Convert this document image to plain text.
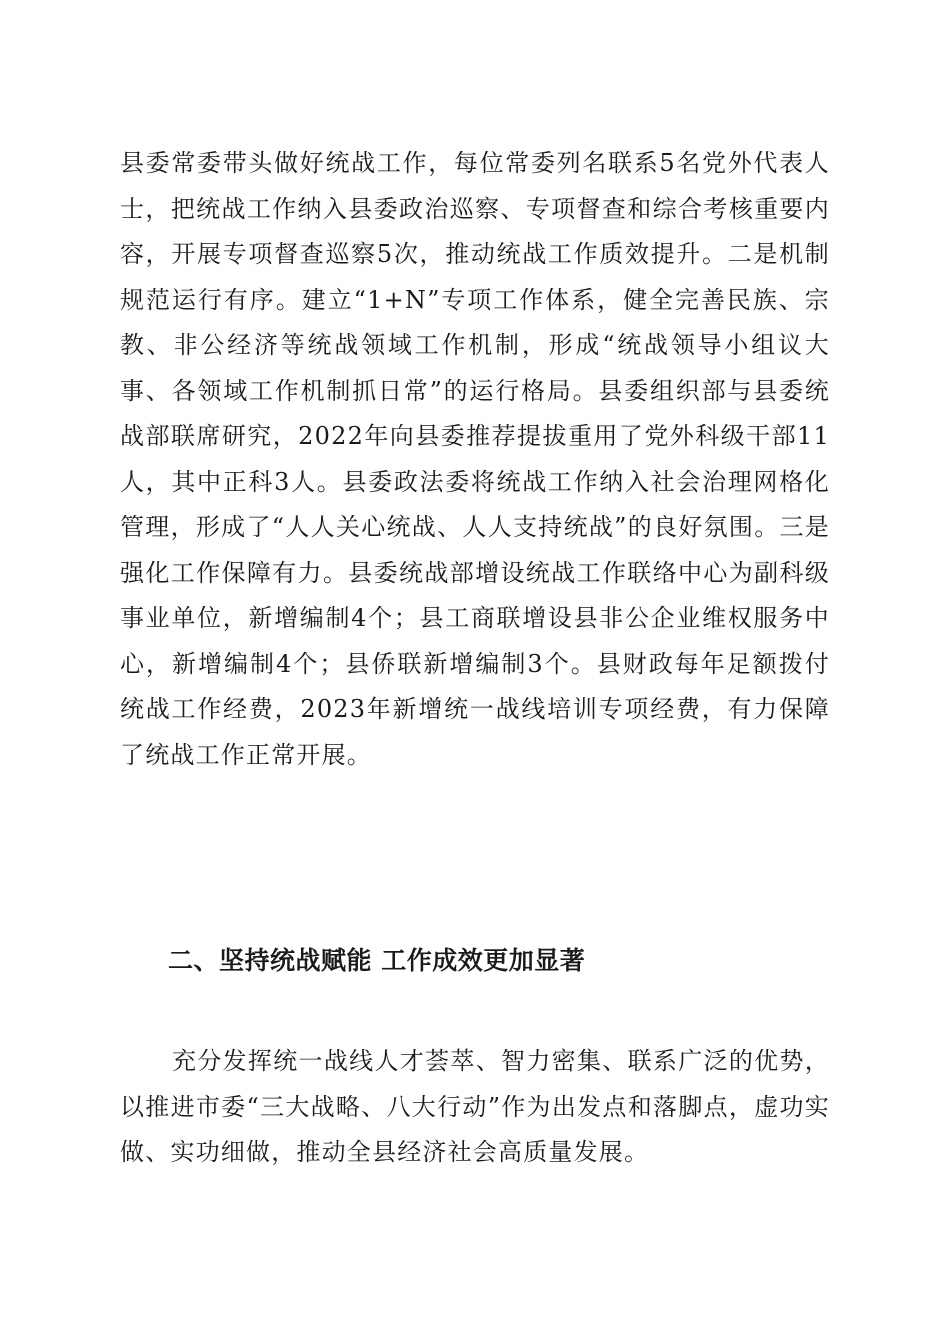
县委常委带头做好统战工作，每位常委列名联系5名党外代表人士，把统战工作纳入县委政治巡察、专项督查和综合考核重要内容，开展专项督查巡察5次，推动统战工作质效提升。二是机制规范运行有序。建立“1+N”专项工作体系，健全完善民族、宗教、非公经济等统战领域工作机制，形成“统战领导小组议大事、各领域工作机制抓日常”的运行格局。县委组织部与县委统战部联席研究，2022年向县委推荐提拔重用了党外科级干部11人，其中正科3人。县委政法委将统战工作纳入社会治理网格化管理，形成了“人人关心统战、人人支持统战”的良好氛围。三是强化工作保障有力。县委统战部增设统战工作联络中心为副科级事业单位，新增编制4个；县工商联增设县非公企业维权服务中心，新增编制4个；县侨联新增编制3个。县财政每年足额拨付统战工作经费，2023年新增统一战线培训专项经费，有力保障了统战工作正常开展。

二、坚持统战赋能 工作成效更加显著

充分发挥统一战线人才荟萃、智力密集、联系广泛的优势，以推进市委“三大战略、八大行动”作为出发点和落脚点，虚功实做、实功细做，推动全县经济社会高质量发展。
